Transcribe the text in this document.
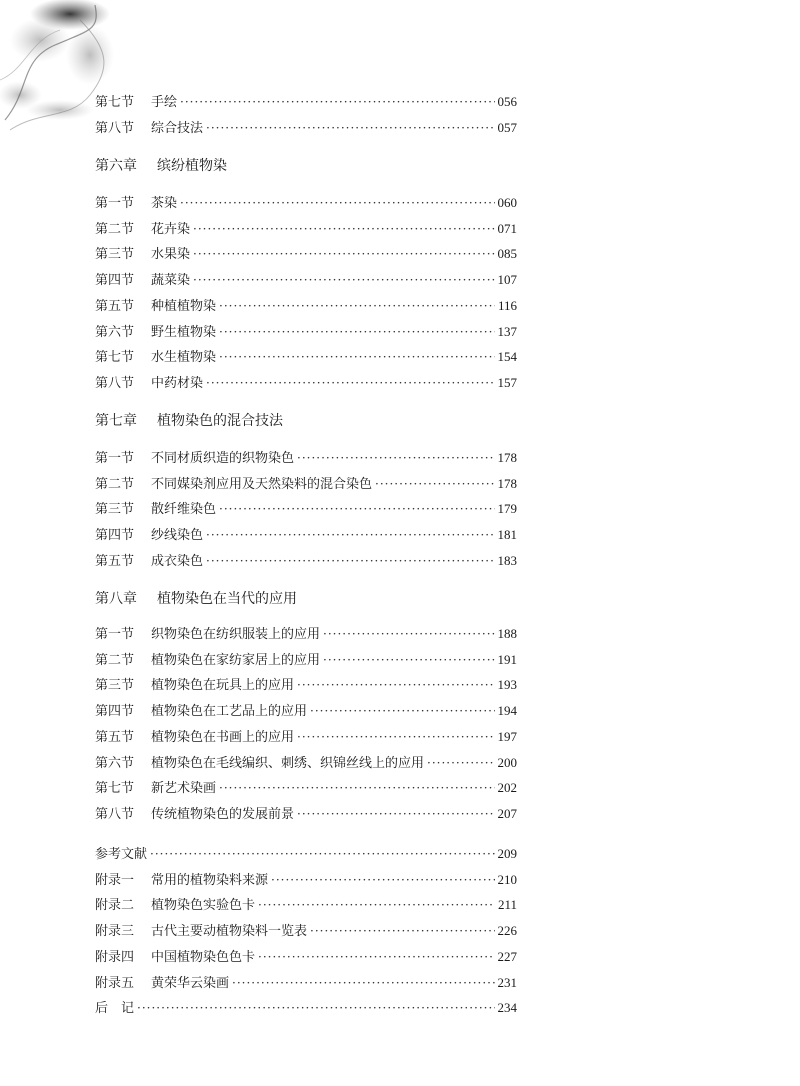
第七节	手绘 ·····	056
第八节	综合技法 ·····	057
第六章 缤纷植物染
第一节	茶染 ·····	060
第二节	花卉染 ·····	071
第三节	水果染 ·····	085
第四节	蔬菜染 ·····	107
第五节	种植植物染 ·····	116
第六节	野生植物染 ·····	137
第七节	水生植物染 ·····	154
第八节	中药材染 ·····	157
第七章 植物染色的混合技法
第一节	不同材质织造的织物染色 ·····	178
第二节	不同媒染剂应用及天然染料的混合染色 ·····	178
第三节	散纤维染色 ·····	179
第四节	纱线染色 ·····	181
第五节	成衣染色 ·····	183
第八章 植物染色在当代的应用
第一节	织物染色在纺织服装上的应用 ·····	188
第二节	植物染色在家纺家居上的应用 ·····	191
第三节	植物染色在玩具上的应用 ·····	193
第四节	植物染色在工艺品上的应用 ·····	194
第五节	植物染色在书画上的应用 ·····	197
第六节	植物染色在毛线编织、刺绣、织锦丝线上的应用 ·····	200
第七节	新艺术染画 ·····	202
第八节	传统植物染色的发展前景 ·····	207
参考文献 ·····	209
附录一	常用的植物染料来源 ·····	210
附录二	植物染色实验色卡 ·····	211
附录三	古代主要动植物染料一览表 ·····	226
附录四	中国植物染色色卡 ·····	227
附录五	黄荣华云染画 ·····	231
后　记 ·····	234
